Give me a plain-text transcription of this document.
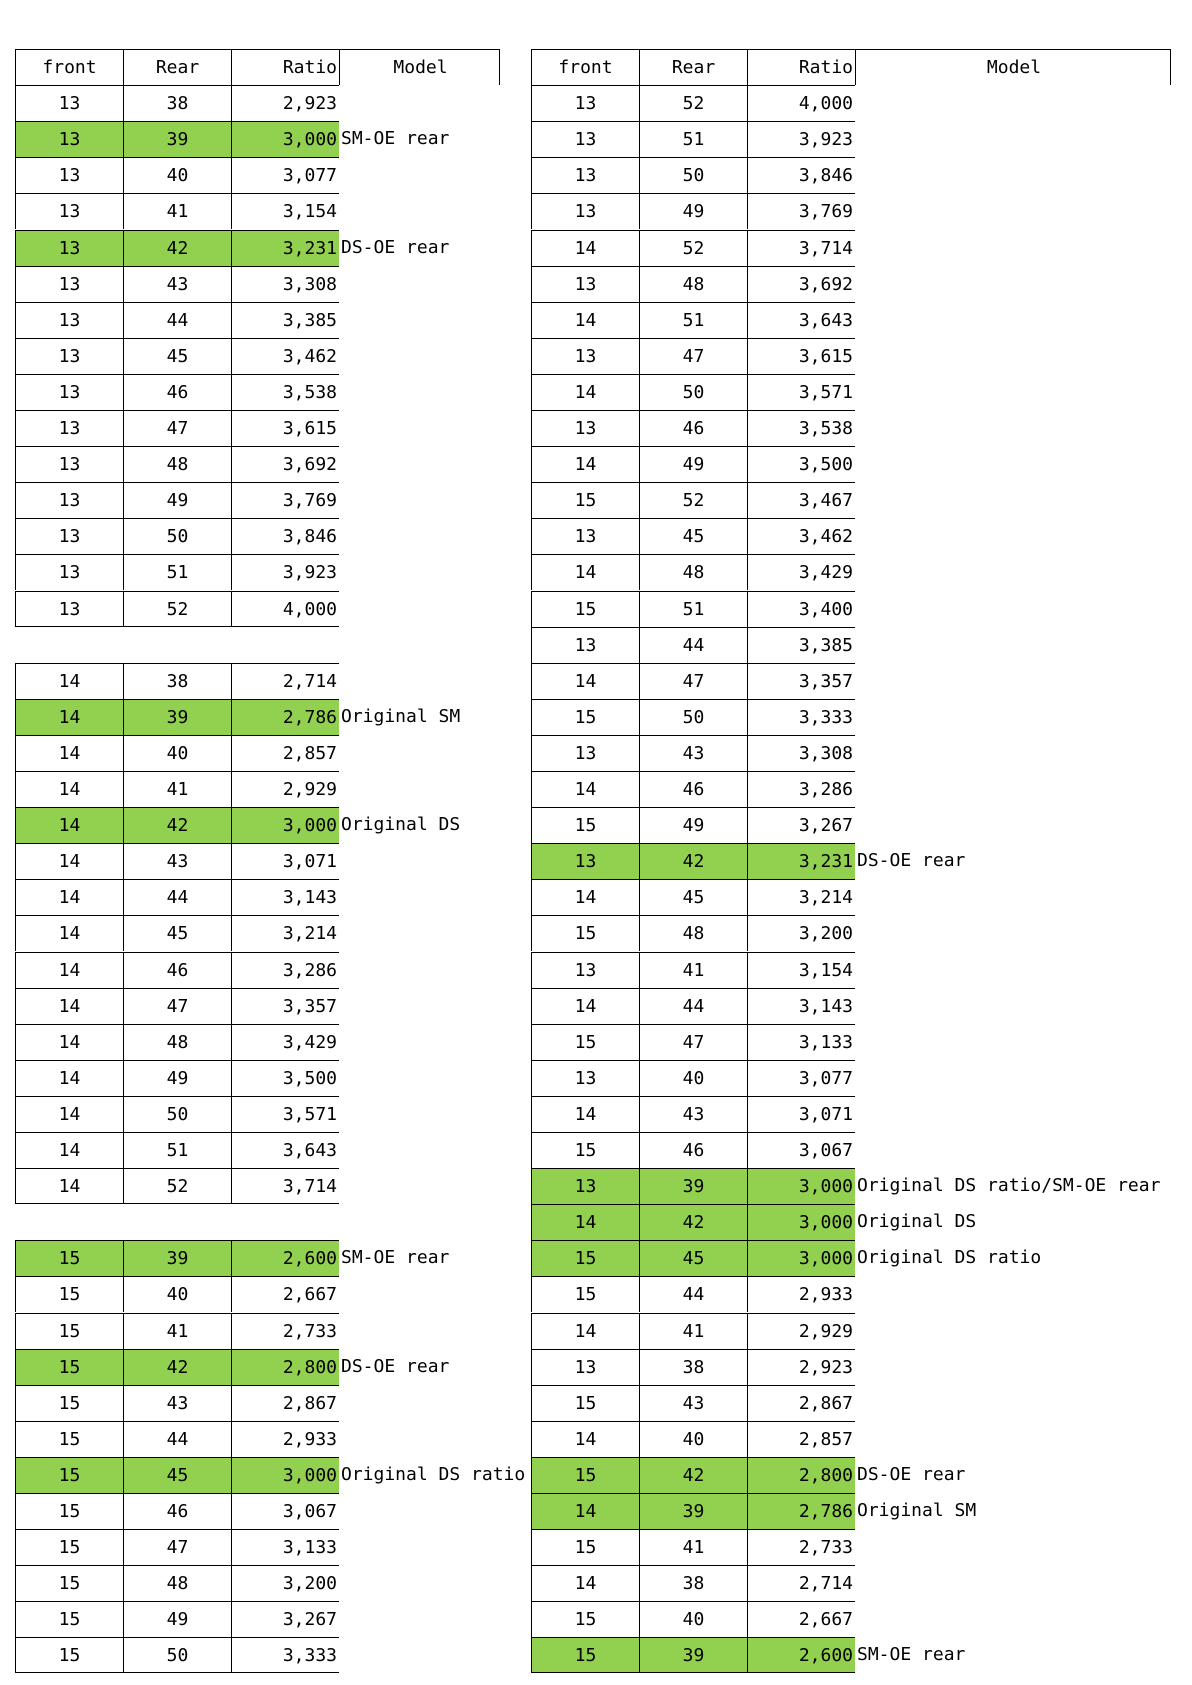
front	Rear	Ratio	Model
13	38	2,923
13	39	3,000 SM-OE rear
13	40	3,077
13	41	3,154
13	42	3,231 DS-OE rear
13	43	3,308
13	44	3,385
13	45	3,462
13	46	3,538
13	47	3,615
13	48	3,692
13	49	3,769
13	50	3,846
13	51	3,923
13	52	4,000
14	38	2,714
14	39	2,786 Original SM
14	40	2,857
14	41	2,929
14	42	3,000 Original DS
14	43	3,071
14	44	3,143
14	45	3,214
14	46	3,286
14	47	3,357
14	48	3,429
14	49	3,500
14	50	3,571
14	51	3,643
14	52	3,714
15	39	2,600 SM-OE rear
15	40	2,667
15	41	2,733
15	42	2,800 DS-OE rear
15	43	2,867
15	44	2,933
15	45	3,000 Original DS ratio
15	46	3,067
15	47	3,133
15	48	3,200
15	49	3,267
15	50	3,333
front	Rear	Ratio	Model
13	52	4,000
13	51	3,923
13	50	3,846
13	49	3,769
14	52	3,714
13	48	3,692
14	51	3,643
13	47	3,615
14	50	3,571
13	46	3,538
14	49	3,500
15	52	3,467
13	45	3,462
14	48	3,429
15	51	3,400
13	44	3,385
14	47	3,357
15	50	3,333
13	43	3,308
14	46	3,286
15	49	3,267
13	42	3,231 DS-OE rear
14	45	3,214
15	48	3,200
13	41	3,154
14	44	3,143
15	47	3,133
13	40	3,077
14	43	3,071
15	46	3,067
13	39	3,000 Original DS ratio/SM-OE rear
14	42	3,000 Original DS
15	45	3,000 Original DS ratio
15	44	2,933
14	41	2,929
13	38	2,923
15	43	2,867
14	40	2,857
15	42	2,800 DS-OE rear
14	39	2,786 Original SM
15	41	2,733
14	38	2,714
15	40	2,667
15	39	2,600 SM-OE rear
